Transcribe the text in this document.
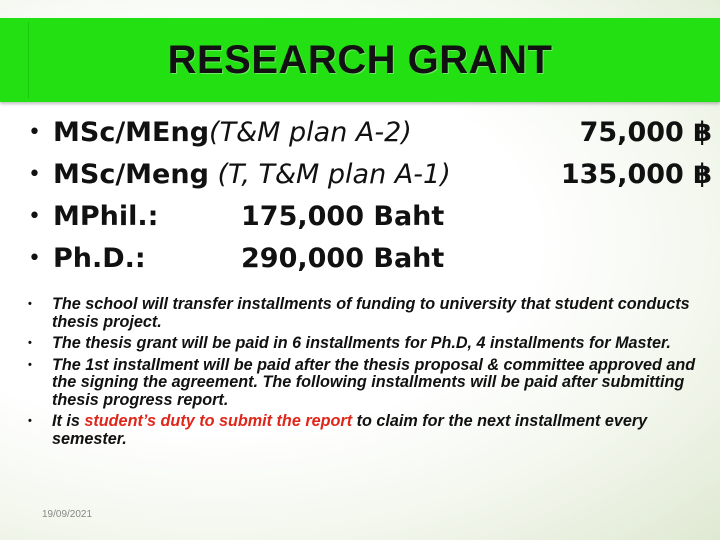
RESEARCH GRANT
• MSc/MEng(T&M plan A-2)	75,000 ฿
• MSc/Meng (T, T&M plan A-1)	135,000 ฿
• MPhil.:	175,000 Baht
• Ph.D.:	290,000 Baht
• The school will transfer installments of funding to university that student conducts thesis project.
• The thesis grant will be paid in 6 installments for Ph.D, 4 installments for Master.
• The 1st installment will be paid after the thesis proposal & committee approved and the signing the agreement. The following installments will be paid after submitting thesis progress report.
• It is student’s duty to submit the report to claim for the next installment every semester.
19/09/2021
